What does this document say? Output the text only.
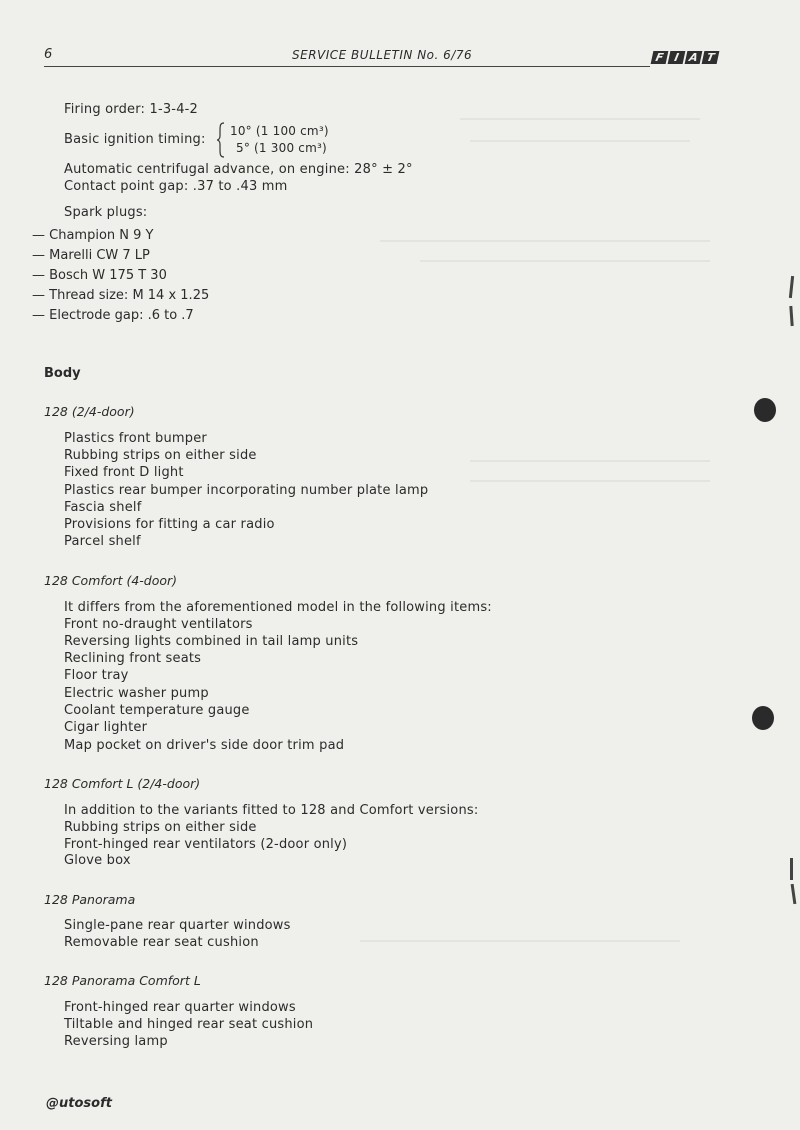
6	SERVICE BULLETIN No. 6/76	F I A T
Firing order: 1-3-4-2
Basic ignition timing:
10° (1 100 cm³)
5° (1 300 cm³)
Automatic centrifugal advance, on engine: 28° ± 2°
Contact point gap: .37 to .43 mm
Spark plugs:
— Champion N 9 Y
— Marelli CW 7 LP
— Bosch W 175 T 30
— Thread size: M 14 x 1.25
— Electrode gap: .6 to .7
Body
128 (2/4-door)
Plastics front bumper
Rubbing strips on either side
Fixed front D light
Plastics rear bumper incorporating number plate lamp
Fascia shelf
Provisions for fitting a car radio
Parcel shelf
128 Comfort (4-door)
It differs from the aforementioned model in the following items:
Front no-draught ventilators
Reversing lights combined in tail lamp units
Reclining front seats
Floor tray
Electric washer pump
Coolant temperature gauge
Cigar lighter
Map pocket on driver's side door trim pad
128 Comfort L (2/4-door)
In addition to the variants fitted to 128 and Comfort versions:
Rubbing strips on either side
Front-hinged rear ventilators (2-door only)
Glove box
128 Panorama
Single-pane rear quarter windows
Removable rear seat cushion
128 Panorama Comfort L
Front-hinged rear quarter windows
Tiltable and hinged rear seat cushion
Reversing lamp
@utosoft
